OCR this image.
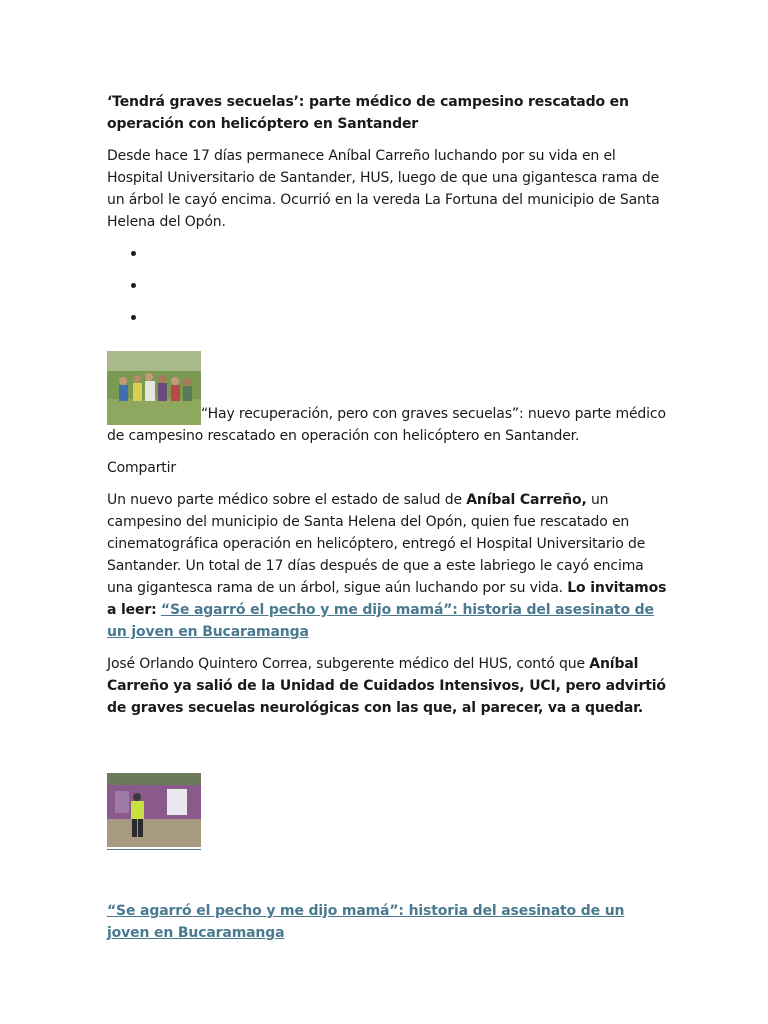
‘Tendrá graves secuelas’: parte médico de campesino rescatado en operación con helicóptero en Santander

Desde hace 17 días permanece Aníbal Carreño luchando por su vida en el Hospital Universitario de Santander, HUS, luego de que una gigantesca rama de un árbol le cayó encima. Ocurrió en la vereda La Fortuna del municipio de Santa Helena del Opón.

“Hay recuperación, pero con graves secuelas”: nuevo parte médico de campesino rescatado en operación con helicóptero en Santander.

Compartir

Un nuevo parte médico sobre el estado de salud de Aníbal Carreño, un campesino del municipio de Santa Helena del Opón, quien fue rescatado en cinematográfica operación en helicóptero, entregó el Hospital Universitario de Santander. Un total de 17 días después de que a este labriego le cayó encima una gigantesca rama de un árbol, sigue aún luchando por su vida. Lo invitamos a leer: “Se agarró el pecho y me dijo mamá”: historia del asesinato de un joven en Bucaramanga

José Orlando Quintero Correa, subgerente médico del HUS, contó que Aníbal Carreño ya salió de la Unidad de Cuidados Intensivos, UCI, pero advirtió de graves secuelas neurológicas con las que, al parecer, va a quedar.

“Se agarró el pecho y me dijo mamá”: historia del asesinato de un joven en Bucaramanga
